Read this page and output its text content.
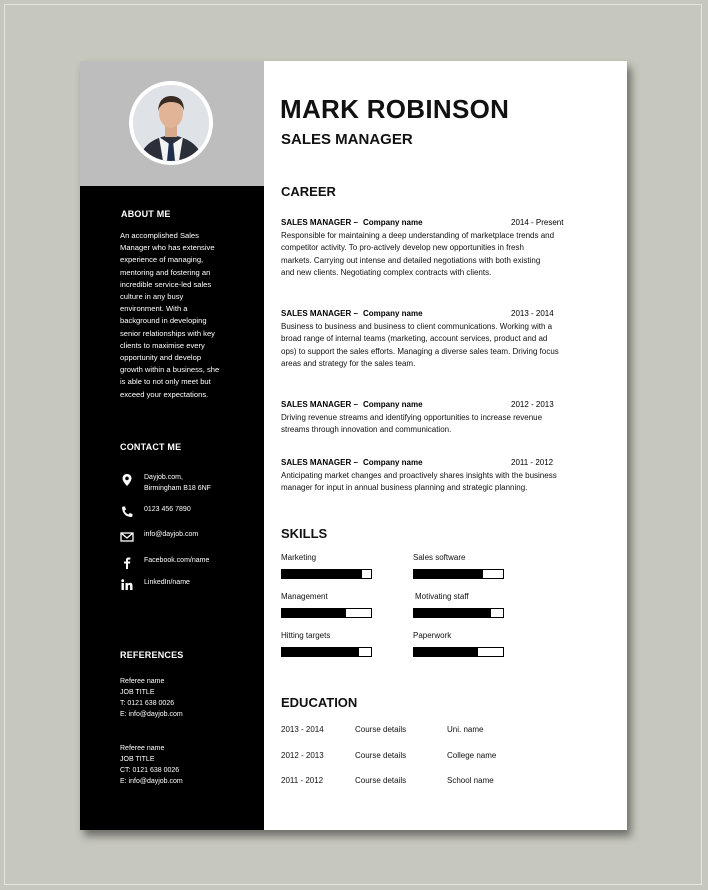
ABOUT ME
An accomplished Sales
Manager who has extensive
experience of managing,
mentoring and fostering an
incredible service-led sales
culture in any busy
environment. With a
background in developing
senior relationships with key
clients to maximise every
opportunity and develop
growth within a business, she
is able to not only meet but
exceed your expectations.
CONTACT ME
Dayjob.com,
Birmingham B18 6NF
0123 456 7890
info@dayjob.com
Facebook.com/name
LinkedIn/name
REFERENCES
Referee name
JOB TITLE
T: 0121 638 0026
E: info@dayjob.com
Referee name
JOB TITLE
CT: 0121 638 0026
E: info@dayjob.com
MARK ROBINSON
SALES MANAGER
CAREER
SALES MANAGER – Company name	2014 - Present
Responsible for maintaining a deep understanding of marketplace trends and
competitor activity. To pro-actively develop new opportunities in fresh
markets. Carrying out intense and detailed negotiations with both existing
and new clients. Negotiating complex contracts with clients.
SALES MANAGER – Company name	2013 - 2014
Business to business and business to client communications. Working with a
broad range of internal teams (marketing, account services, product and ad
ops) to support the sales efforts. Managing a diverse sales team. Driving focus
areas and strategy for the sales team.
SALES MANAGER – Company name	2012 - 2013
Driving revenue streams and identifying opportunities to increase revenue
streams through innovation and communication.
SALES MANAGER – Company name	2011 - 2012
Anticipating market changes and proactively shares insights with the business
manager for input in annual business planning and strategic planning.
SKILLS
Marketing	Sales software
Management	Motivating staff
Hitting targets	Paperwork
EDUCATION
2013 - 2014	Course details	Uni. name
2012 - 2013	Course details	College name
2011 - 2012	Course details	School name
